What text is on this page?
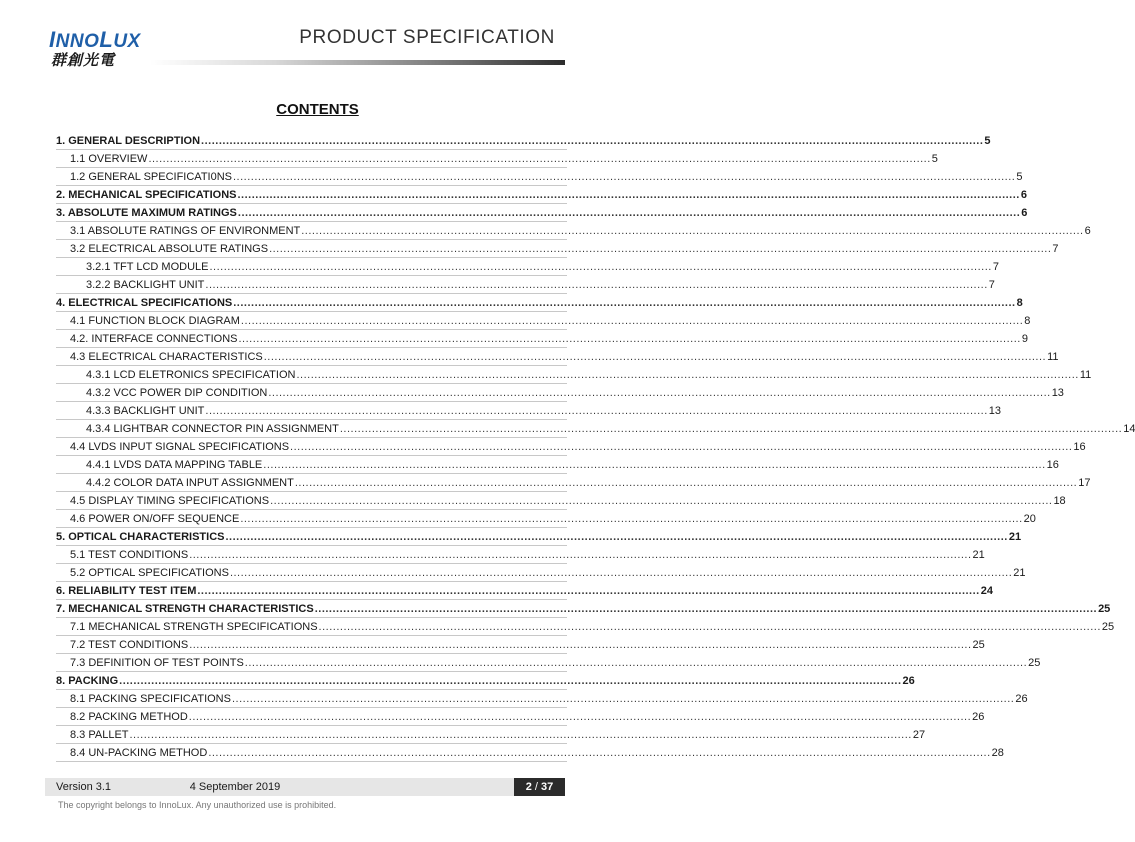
INNOLUX
群創光電
PRODUCT SPECIFICATION
CONTENTS
1. GENERAL DESCRIPTION ............................................................................................................................................................................................................................ 5
1.1 OVERVIEW ............................................................................................................................................................................................................................ 5
1.2 GENERAL SPECIFICATI0NS ............................................................................................................................................................................................................................ 5
2. MECHANICAL SPECIFICATIONS ............................................................................................................................................................................................................................ 6
3. ABSOLUTE MAXIMUM RATINGS ............................................................................................................................................................................................................................ 6
3.1 ABSOLUTE RATINGS OF ENVIRONMENT ............................................................................................................................................................................................................................ 6
3.2 ELECTRICAL ABSOLUTE RATINGS ............................................................................................................................................................................................................................ 7
3.2.1 TFT LCD MODULE ............................................................................................................................................................................................................................ 7
3.2.2 BACKLIGHT UNIT ............................................................................................................................................................................................................................ 7
4. ELECTRICAL SPECIFICATIONS ............................................................................................................................................................................................................................ 8
4.1 FUNCTION BLOCK DIAGRAM ............................................................................................................................................................................................................................ 8
4.2. INTERFACE CONNECTIONS ............................................................................................................................................................................................................................ 9
4.3 ELECTRICAL CHARACTERISTICS ............................................................................................................................................................................................................................ 11
4.3.1 LCD ELETRONICS SPECIFICATION ............................................................................................................................................................................................................................ 11
4.3.2 VCC POWER DIP CONDITION ............................................................................................................................................................................................................................ 13
4.3.3 BACKLIGHT UNIT ............................................................................................................................................................................................................................ 13
4.3.4 LIGHTBAR CONNECTOR PIN ASSIGNMENT ............................................................................................................................................................................................................................ 14
4.4 LVDS INPUT SIGNAL SPECIFICATIONS ............................................................................................................................................................................................................................ 16
4.4.1 LVDS DATA MAPPING TABLE ............................................................................................................................................................................................................................ 16
4.4.2 COLOR DATA INPUT ASSIGNMENT ............................................................................................................................................................................................................................ 17
4.5 DISPLAY TIMING SPECIFICATIONS ............................................................................................................................................................................................................................ 18
4.6 POWER ON/OFF SEQUENCE ............................................................................................................................................................................................................................ 20
5. OPTICAL CHARACTERISTICS ............................................................................................................................................................................................................................ 21
5.1 TEST CONDITIONS ............................................................................................................................................................................................................................ 21
5.2 OPTICAL SPECIFICATIONS ............................................................................................................................................................................................................................ 21
6. RELIABILITY TEST ITEM ............................................................................................................................................................................................................................ 24
7. MECHANICAL STRENGTH CHARACTERISTICS ............................................................................................................................................................................................................................ 25
7.1 MECHANICAL STRENGTH SPECIFICATIONS ............................................................................................................................................................................................................................ 25
7.2 TEST CONDITIONS ............................................................................................................................................................................................................................ 25
7.3 DEFINITION OF TEST POINTS ............................................................................................................................................................................................................................ 25
8. PACKING ............................................................................................................................................................................................................................ 26
8.1 PACKING SPECIFICATIONS ............................................................................................................................................................................................................................ 26
8.2 PACKING METHOD ............................................................................................................................................................................................................................ 26
8.3 PALLET ............................................................................................................................................................................................................................ 27
8.4 UN-PACKING METHOD ............................................................................................................................................................................................................................ 28
Version 3.1	4 September 2019	2 / 37
The copyright belongs to InnoLux. Any unauthorized use is prohibited.
